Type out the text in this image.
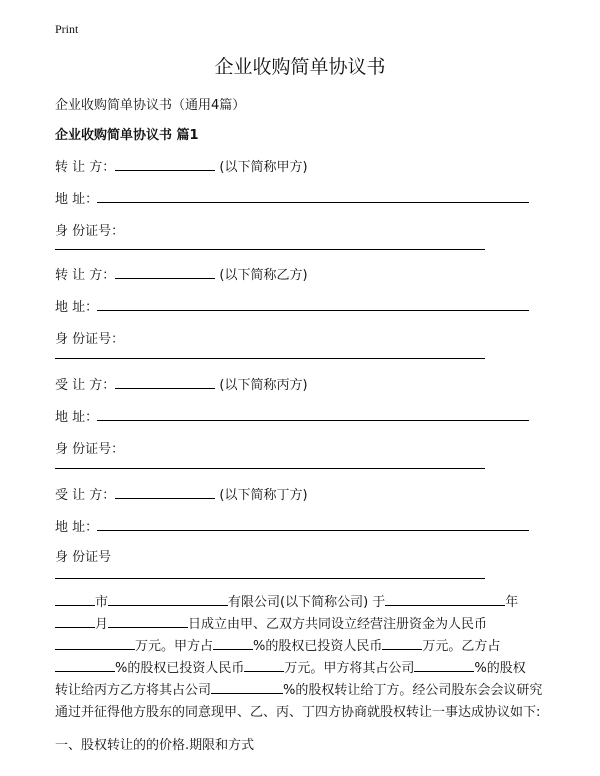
Print
企业收购简单协议书
企业收购简单协议书（通用4篇）
企业收购简单协议书 篇1
转 让 方：	(以下简称甲方)
地 址：
身 份证号：
转 让 方：	(以下简称乙方)
地 址：
身 份证号：
受 让 方：	(以下简称丙方)
地 址：
身 份证号：
受 让 方：	(以下简称丁方)
地 址：
身 份证号
市	有限公司(以下简称公司) 于	年
月	日成立由甲、乙双方共同设立经营注册资金为人民币
万元。甲方占	%的股权已投资人民币	万元。乙方占
%的股权已投资人民币	万元。甲方将其占公司	%的股权
转让给丙方乙方将其占公司	%的股权转让给丁方。经公司股东会会议研究通过并征得他方股东的同意现甲、乙、丙、丁四方协商就股权转让一事达成协议如下:
一、股权转让的的价格.期限和方式
